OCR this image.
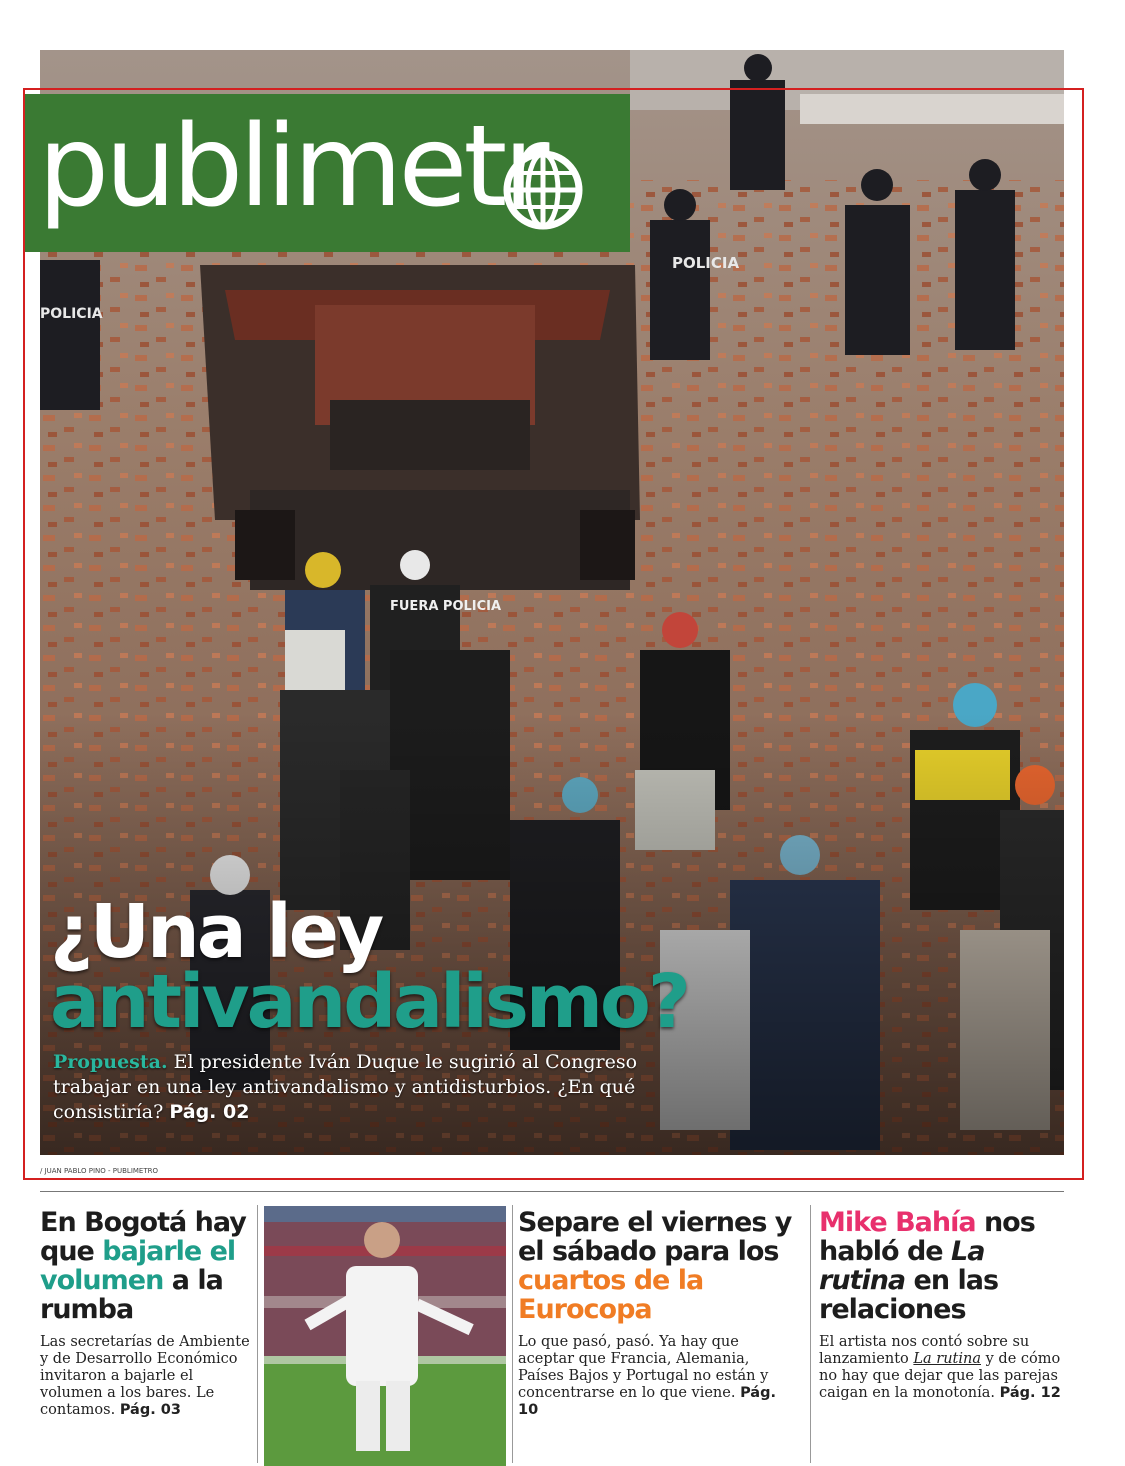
publimetr
¿Una ley
antivandalismo?
Propuesta. El presidente Iván Duque le sugirió al Congreso trabajar en una ley antivandalismo y antidisturbios. ¿En qué consistiría? Pág. 02
/ JUAN PABLO PINO - PUBLIMETRO
En Bogotá hay que bajarle el volumen a la rumba

Las secretarías de Ambiente y de Desarrollo Económico invitaron a bajarle el volumen a los bares. Le contamos. Pág. 03

Separe el viernes y el sábado para los cuartos de la Eurocopa

Lo que pasó, pasó. Ya hay que aceptar que Francia, Alemania, Países Bajos y Portugal no están y concentrarse en lo que viene. Pág. 10

Mike Bahía nos habló de La rutina en las relaciones

El artista nos contó sobre su lanzamiento La rutina y de cómo no hay que dejar que las parejas caigan en la monotonía. Pág. 12
